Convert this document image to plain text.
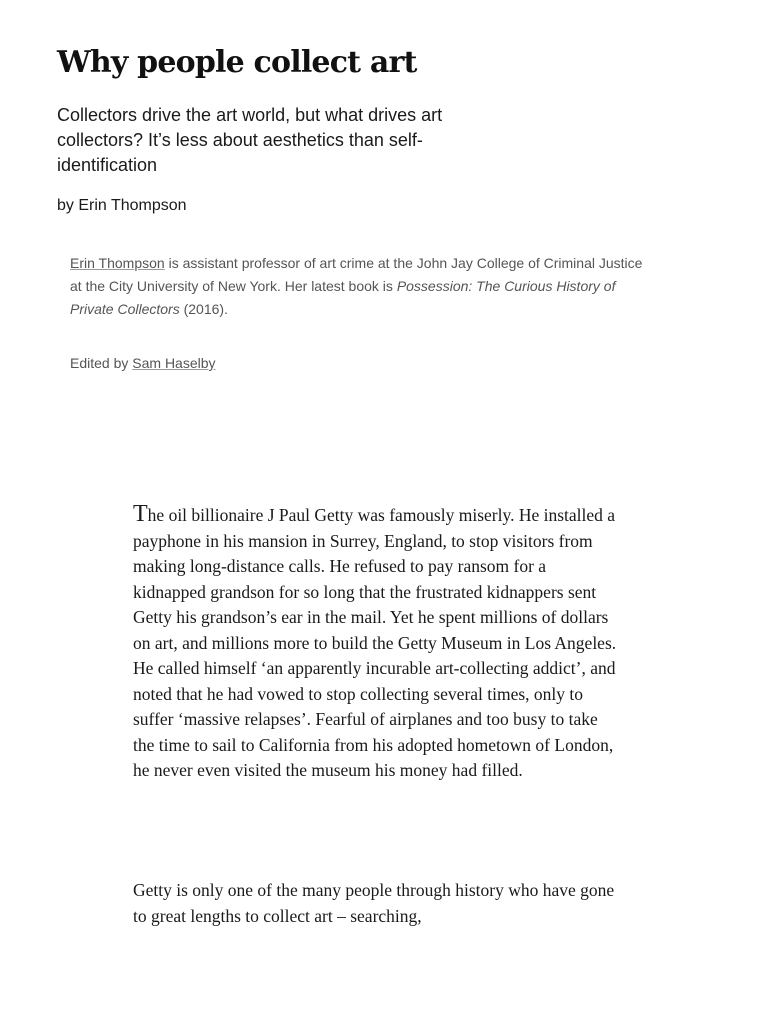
Why people collect art

Collectors drive the art world, but what drives art collectors? It’s less about aesthetics than self-identification

by Erin Thompson

Erin Thompson is assistant professor of art crime at the John Jay College of Criminal Justice at the City University of New York. Her latest book is Possession: The Curious History of Private Collectors (2016).

Edited by Sam Haselby

The oil billionaire J Paul Getty was famously miserly. He installed a payphone in his mansion in Surrey, England, to stop visitors from making long-distance calls. He refused to pay ransom for a kidnapped grandson for so long that the frustrated kidnappers sent Getty his grandson’s ear in the mail. Yet he spent millions of dollars on art, and millions more to build the Getty Museum in Los Angeles. He called himself ‘an apparently incurable art-collecting addict’, and noted that he had vowed to stop collecting several times, only to suffer ‘massive relapses’. Fearful of airplanes and too busy to take the time to sail to California from his adopted hometown of London, he never even visited the museum his money had filled.

Getty is only one of the many people through history who have gone to great lengths to collect art – searching,
